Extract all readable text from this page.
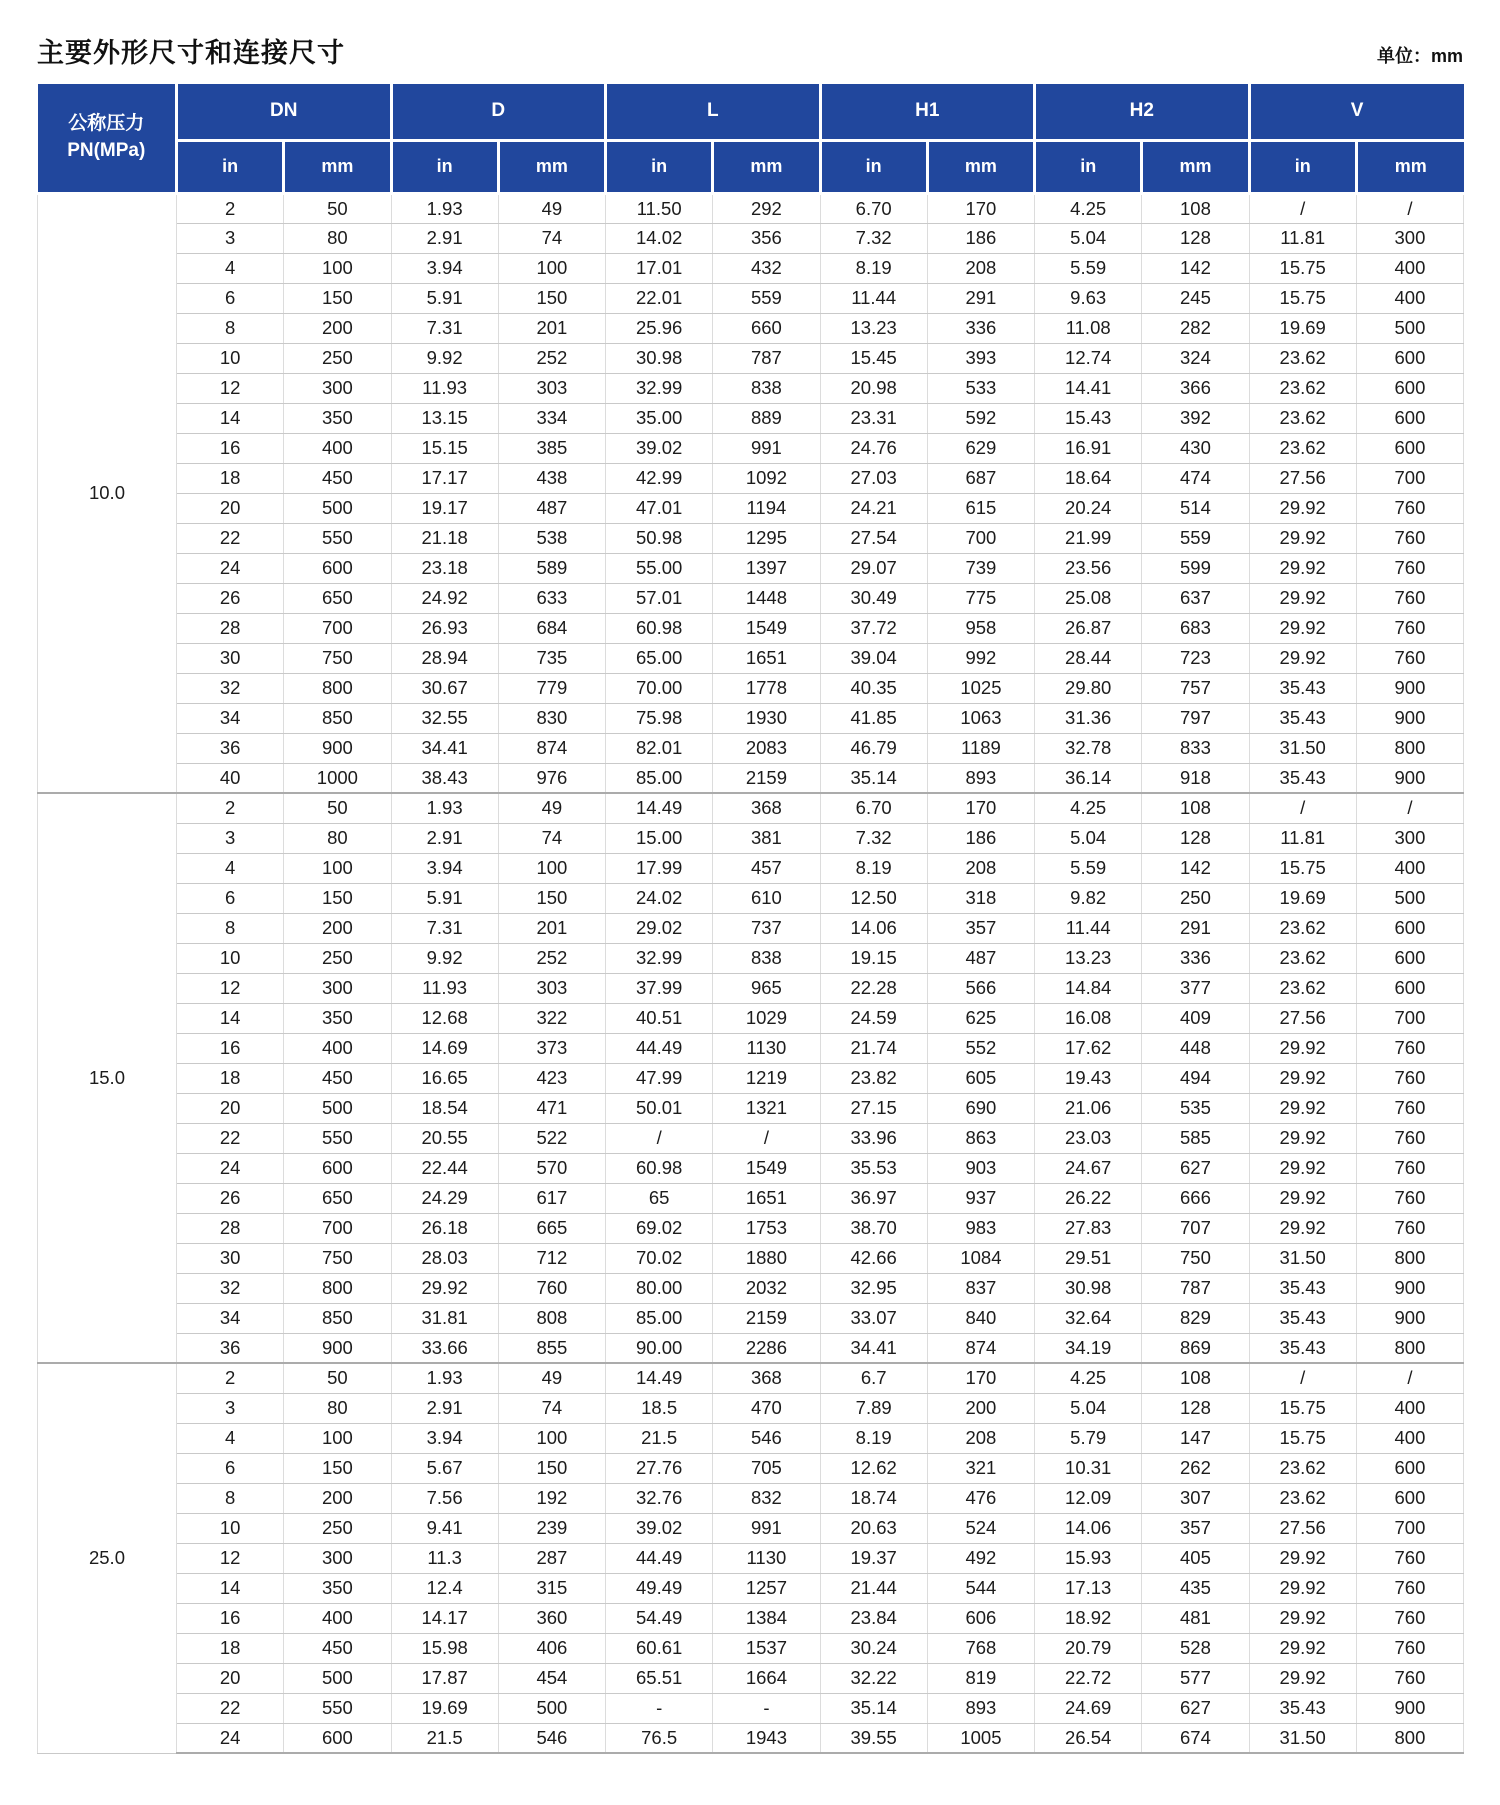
主要外形尺寸和连接尺寸	单位：mm
公称压力
PN(MPa)	DN		D		L		H1		H2		V	
	in	mm	in	mm	in	mm	in	mm	in	mm	in	mm
10.0	2	50	1.93	49	11.50	292	6.70	170	4.25	108	/	/
	3	80	2.91	74	14.02	356	7.32	186	5.04	128	11.81	300
	4	100	3.94	100	17.01	432	8.19	208	5.59	142	15.75	400
	6	150	5.91	150	22.01	559	11.44	291	9.63	245	15.75	400
	8	200	7.31	201	25.96	660	13.23	336	11.08	282	19.69	500
	10	250	9.92	252	30.98	787	15.45	393	12.74	324	23.62	600
	12	300	11.93	303	32.99	838	20.98	533	14.41	366	23.62	600
	14	350	13.15	334	35.00	889	23.31	592	15.43	392	23.62	600
	16	400	15.15	385	39.02	991	24.76	629	16.91	430	23.62	600
	18	450	17.17	438	42.99	1092	27.03	687	18.64	474	27.56	700
	20	500	19.17	487	47.01	1194	24.21	615	20.24	514	29.92	760
	22	550	21.18	538	50.98	1295	27.54	700	21.99	559	29.92	760
	24	600	23.18	589	55.00	1397	29.07	739	23.56	599	29.92	760
	26	650	24.92	633	57.01	1448	30.49	775	25.08	637	29.92	760
	28	700	26.93	684	60.98	1549	37.72	958	26.87	683	29.92	760
	30	750	28.94	735	65.00	1651	39.04	992	28.44	723	29.92	760
	32	800	30.67	779	70.00	1778	40.35	1025	29.80	757	35.43	900
	34	850	32.55	830	75.98	1930	41.85	1063	31.36	797	35.43	900
	36	900	34.41	874	82.01	2083	46.79	1189	32.78	833	31.50	800
	40	1000	38.43	976	85.00	2159	35.14	893	36.14	918	35.43	900
15.0	2	50	1.93	49	14.49	368	6.70	170	4.25	108	/	/
	3	80	2.91	74	15.00	381	7.32	186	5.04	128	11.81	300
	4	100	3.94	100	17.99	457	8.19	208	5.59	142	15.75	400
	6	150	5.91	150	24.02	610	12.50	318	9.82	250	19.69	500
	8	200	7.31	201	29.02	737	14.06	357	11.44	291	23.62	600
	10	250	9.92	252	32.99	838	19.15	487	13.23	336	23.62	600
	12	300	11.93	303	37.99	965	22.28	566	14.84	377	23.62	600
	14	350	12.68	322	40.51	1029	24.59	625	16.08	409	27.56	700
	16	400	14.69	373	44.49	1130	21.74	552	17.62	448	29.92	760
	18	450	16.65	423	47.99	1219	23.82	605	19.43	494	29.92	760
	20	500	18.54	471	50.01	1321	27.15	690	21.06	535	29.92	760
	22	550	20.55	522	/	/	33.96	863	23.03	585	29.92	760
	24	600	22.44	570	60.98	1549	35.53	903	24.67	627	29.92	760
	26	650	24.29	617	65	1651	36.97	937	26.22	666	29.92	760
	28	700	26.18	665	69.02	1753	38.70	983	27.83	707	29.92	760
	30	750	28.03	712	70.02	1880	42.66	1084	29.51	750	31.50	800
	32	800	29.92	760	80.00	2032	32.95	837	30.98	787	35.43	900
	34	850	31.81	808	85.00	2159	33.07	840	32.64	829	35.43	900
	36	900	33.66	855	90.00	2286	34.41	874	34.19	869	35.43	800
25.0	2	50	1.93	49	14.49	368	6.7	170	4.25	108	/	/
	3	80	2.91	74	18.5	470	7.89	200	5.04	128	15.75	400
	4	100	3.94	100	21.5	546	8.19	208	5.79	147	15.75	400
	6	150	5.67	150	27.76	705	12.62	321	10.31	262	23.62	600
	8	200	7.56	192	32.76	832	18.74	476	12.09	307	23.62	600
	10	250	9.41	239	39.02	991	20.63	524	14.06	357	27.56	700
	12	300	11.3	287	44.49	1130	19.37	492	15.93	405	29.92	760
	14	350	12.4	315	49.49	1257	21.44	544	17.13	435	29.92	760
	16	400	14.17	360	54.49	1384	23.84	606	18.92	481	29.92	760
	18	450	15.98	406	60.61	1537	30.24	768	20.79	528	29.92	760
	20	500	17.87	454	65.51	1664	32.22	819	22.72	577	29.92	760
	22	550	19.69	500	-	-	35.14	893	24.69	627	35.43	900
	24	600	21.5	546	76.5	1943	39.55	1005	26.54	674	31.50	800
